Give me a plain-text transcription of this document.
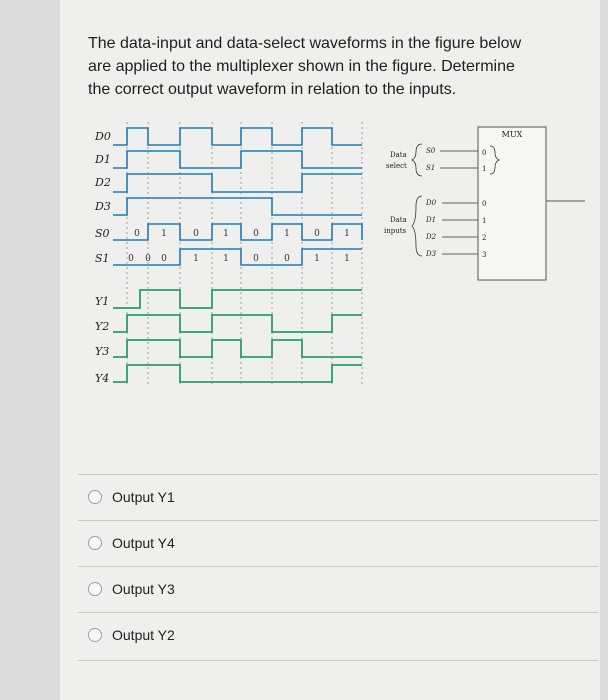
The data-input and data-select waveforms in the figure below
are applied to the multiplexer shown in the figure. Determine
the correct output waveform in relation to the inputs.
D0
D1
D2
D3
S0
S1
Y1
Y2
Y3
Y4
0 1	0	1	0	1	0	1
0 0 0	1	1	0	0	1	1
MUX
Data
select
S0
S1
0
1
Data
inputs
D0
D1
D2
D3
0
1
2
3
Output Y1
Output Y4
Output Y3
Output Y2
